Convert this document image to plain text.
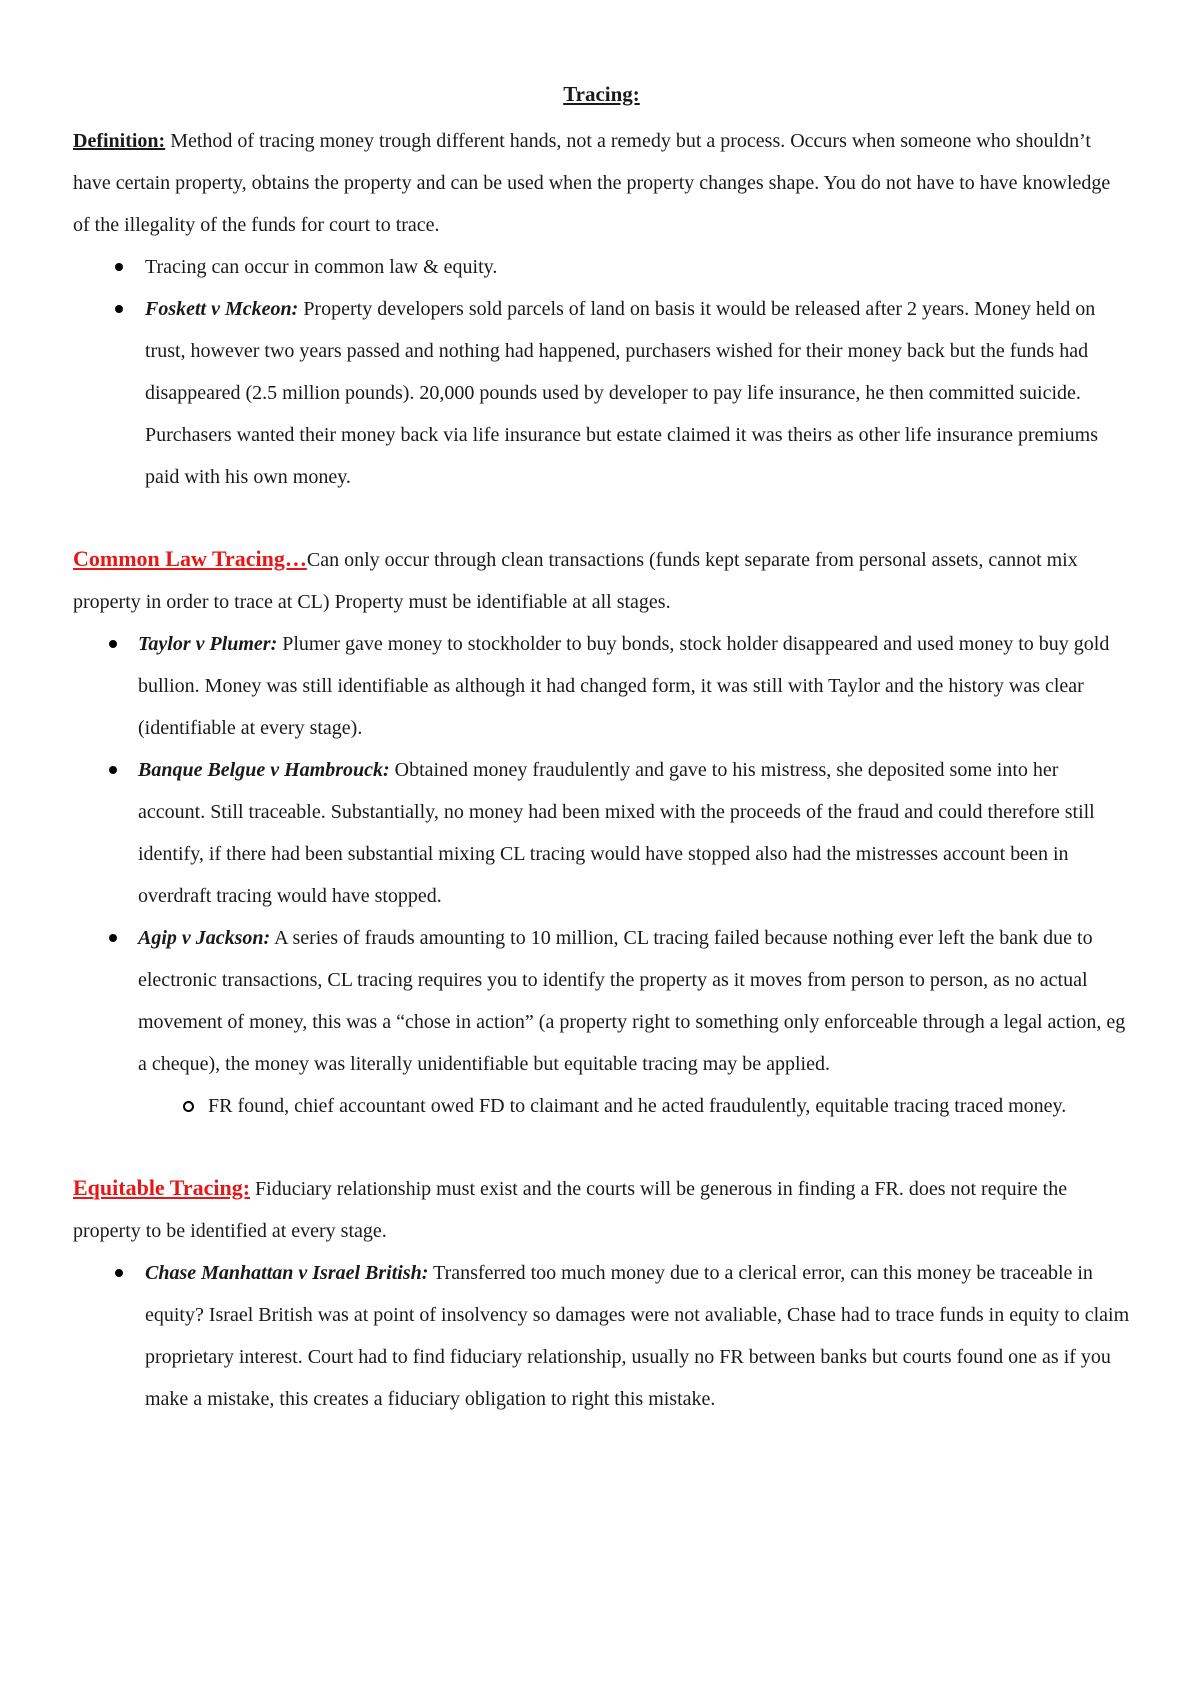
Tracing:

Definition: Method of tracing money trough different hands, not a remedy but a process. Occurs when someone who shouldn’t have certain property, obtains the property and can be used when the property changes shape. You do not have to have knowledge of the illegality of the funds for court to trace.

Tracing can occur in common law & equity.
Foskett v Mckeon: Property developers sold parcels of land on basis it would be released after 2 years. Money held on trust, however two years passed and nothing had happened, purchasers wished for their money back but the funds had disappeared (2.5 million pounds). 20,000 pounds used by developer to pay life insurance, he then committed suicide. Purchasers wanted their money back via life insurance but estate claimed it was theirs as other life insurance premiums paid with his own money.

Common Law Tracing…Can only occur through clean transactions (funds kept separate from personal assets, cannot mix property in order to trace at CL) Property must be identifiable at all stages.

Taylor v Plumer: Plumer gave money to stockholder to buy bonds, stock holder disappeared and used money to buy gold bullion. Money was still identifiable as although it had changed form, it was still with Taylor and the history was clear (identifiable at every stage).
Banque Belgue v Hambrouck: Obtained money fraudulently and gave to his mistress, she deposited some into her account. Still traceable. Substantially, no money had been mixed with the proceeds of the fraud and could therefore still identify, if there had been substantial mixing CL tracing would have stopped also had the mistresses account been in overdraft tracing would have stopped.
Agip v Jackson: A series of frauds amounting to 10 million, CL tracing failed because nothing ever left the bank due to electronic transactions, CL tracing requires you to identify the property as it moves from person to person, as no actual movement of money, this was a “chose in action” (a property right to something only enforceable through a legal action, eg a cheque), the money was literally unidentifiable but equitable tracing may be applied.
FR found, chief accountant owed FD to claimant and he acted fraudulently, equitable tracing traced money.

Equitable Tracing: Fiduciary relationship must exist and the courts will be generous in finding a FR. does not require the property to be identified at every stage.

Chase Manhattan v Israel British: Transferred too much money due to a clerical error, can this money be traceable in equity? Israel British was at point of insolvency so damages were not avaliable, Chase had to trace funds in equity to claim proprietary interest. Court had to find fiduciary relationship, usually no FR between banks but courts found one as if you make a mistake, this creates a fiduciary obligation to right this mistake.
